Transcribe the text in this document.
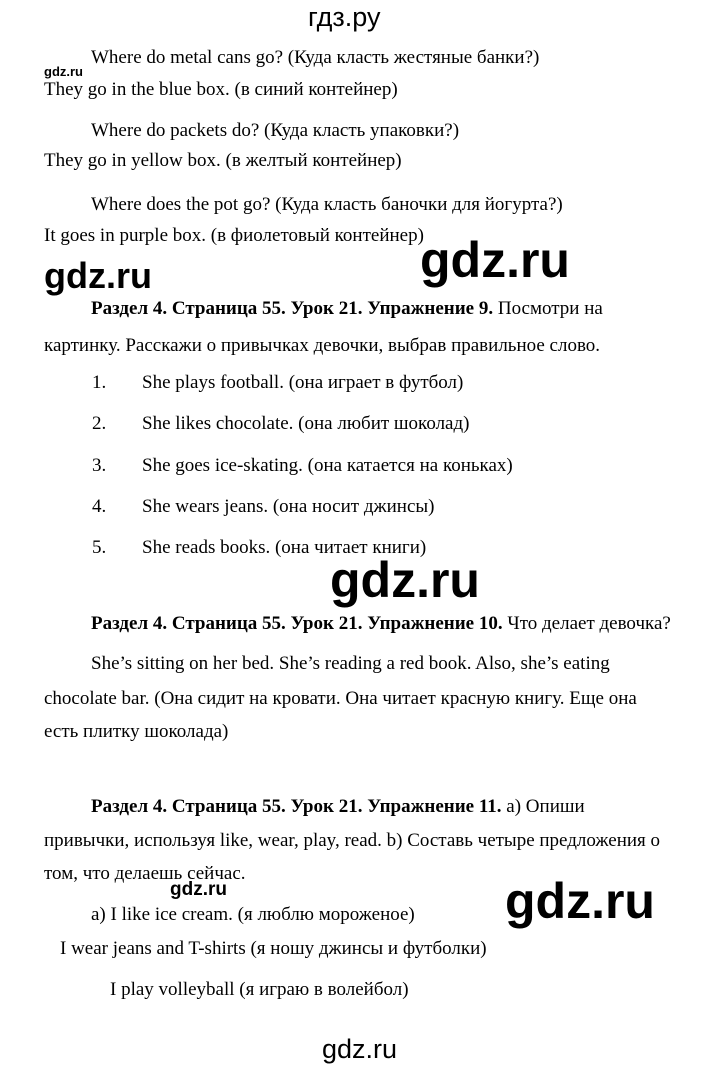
гдз.ру
Where do metal cans go? (Куда класть жестяные банки?)
gdz.ru
They go in the blue box. (в синий контейнер)
Where do packets do? (Куда класть упаковки?)
They go in yellow box. (в желтый контейнер)
Where does the pot go? (Куда класть баночки для йогурта?)
It goes in purple box. (в фиолетовый контейнер)
gdz.ru	gdz.ru
Раздел 4. Страница 55. Урок 21. Упражнение 9. Посмотри на
картинку. Расскажи о привычках девочки, выбрав правильное слово.
1. She plays football. (она играет в футбол)
2. She likes chocolate. (она любит шоколад)
3. She goes ice-skating. (она катается на коньках)
4. She wears jeans. (она носит джинсы)
5. She reads books. (она читает книги)
gdz.ru
Раздел 4. Страница 55. Урок 21. Упражнение 10. Что делает девочка?
She’s sitting on her bed. She’s reading a red book. Also, she’s eating
chocolate bar. (Она сидит на кровати. Она читает красную книгу. Еще она
есть плитку шоколада)
Раздел 4. Страница 55. Урок 21. Упражнение 11. а) Опиши
привычки, используя like, wear, play, read. b) Составь четыре предложения о
том, что делаешь сейчас.
gdz.ru	gdz.ru
а) I like ice cream. (я люблю мороженое)
I wear jeans and T-shirts (я ношу джинсы и футболки)
I play volleyball (я играю в волейбол)
gdz.ru
